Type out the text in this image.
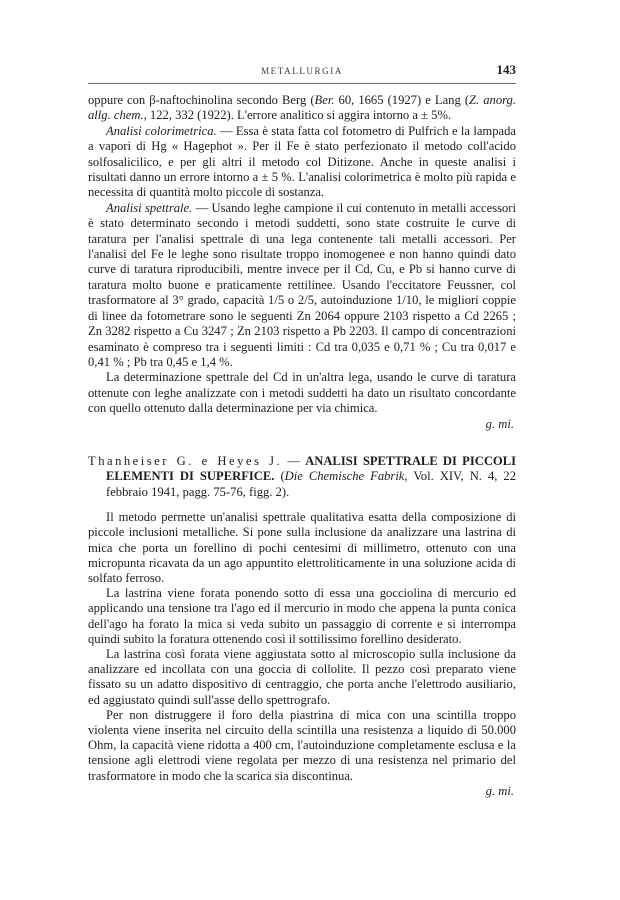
METALLURGIA	143

oppure con β-naftochinolina secondo Berg (Ber. 60, 1665 (1927) e Lang (Z. anorg. allg. chem., 122, 332 (1922). L'errore analitico si aggira intorno a ± 5%.

Analisi colorimetrica. — Essa è stata fatta col fotometro di Pulfrich e la lampada a vapori di Hg « Hagephot ». Per il Fe è stato perfezionato il metodo coll'acido solfosalicilico, e per gli altri il metodo col Ditizone. Anche in queste analisi i risultati danno un errore intorno a ± 5 %. L'analisi colorimetrica è molto più rapida e necessita di quantità molto piccole di sostanza.

Analisi spettrale. — Usando leghe campione il cui contenuto in metalli accessori è stato determinato secondo i metodi suddetti, sono state costruite le curve di taratura per l'analisi spettrale di una lega contenente tali metalli accessori. Per l'analisi del Fe le leghe sono risultate troppo inomogenee e non hanno quindi dato curve di taratura riproducibili, mentre invece per il Cd, Cu, e Pb si hanno curve di taratura molto buone e praticamente rettilinee. Usando l'eccitatore Feussner, col trasformatore al 3° grado, capacità 1/5 o 2/5, autoinduzione 1/10, le migliori coppie di linee da fotometrare sono le seguenti Zn 2064 oppure 2103 rispetto a Cd 2265 ; Zn 3282 rispetto a Cu 3247 ; Zn 2103 rispetto a Pb 2203. Il campo di concentrazioni esaminato è compreso tra i seguenti limiti : Cd tra 0,035 e 0,71 % ; Cu tra 0,017 e 0,41 % ; Pb tra 0,45 e 1,4 %.

La determinazione spettrale del Cd in un'altra lega, usando le curve di taratura ottenute con leghe analizzate con i metodi suddetti ha dato un risultato concordante con quello ottenuto dalla determinazione per via chimica.

g. mi.

Thanheiser G. e Heyes J. — ANALISI SPETTRALE DI PICCOLI ELEMENTI DI SUPERFICE. (Die Chemische Fabrik, Vol. XIV, N. 4, 22 febbraio 1941, pagg. 75-76, figg. 2).

Il metodo permette un'analisi spettrale qualitativa esatta della composizione di piccole inclusioni metalliche. Si pone sulla inclusione da analizzare una lastrina di mica che porta un forellino di pochi centesimi di millimetro, ottenuto con una micropunta ricavata da un ago appuntito elettroliticamente in una soluzione acida di solfato ferroso.

La lastrina viene forata ponendo sotto di essa una gocciolina di mercurio ed applicando una tensione tra l'ago ed il mercurio in modo che appena la punta conica dell'ago ha forato la mica si veda subito un passaggio di corrente e si interrompa quindi subito la foratura ottenendo così il sottilissimo forellino desiderato.

La lastrina così forata viene aggiustata sotto al microscopio sulla inclusione da analizzare ed incollata con una goccia di collolite. Il pezzo così preparato viene fissato su un adatto dispositivo di centraggio, che porta anche l'elettrodo ausiliario, ed aggiustato quindi sull'asse dello spettrografo.

Per non distruggere il foro della piastrina di mica con una scintilla troppo violenta viene inserita nel circuito della scintilla una resistenza a liquido di 50.000 Ohm, la capacità viene ridotta a 400 cm, l'autoinduzione completamente esclusa e la tensione agli elettrodi viene regolata per mezzo di una resistenza nel primario del trasformatore in modo che la scarica sia discontinua.

g. mi.
